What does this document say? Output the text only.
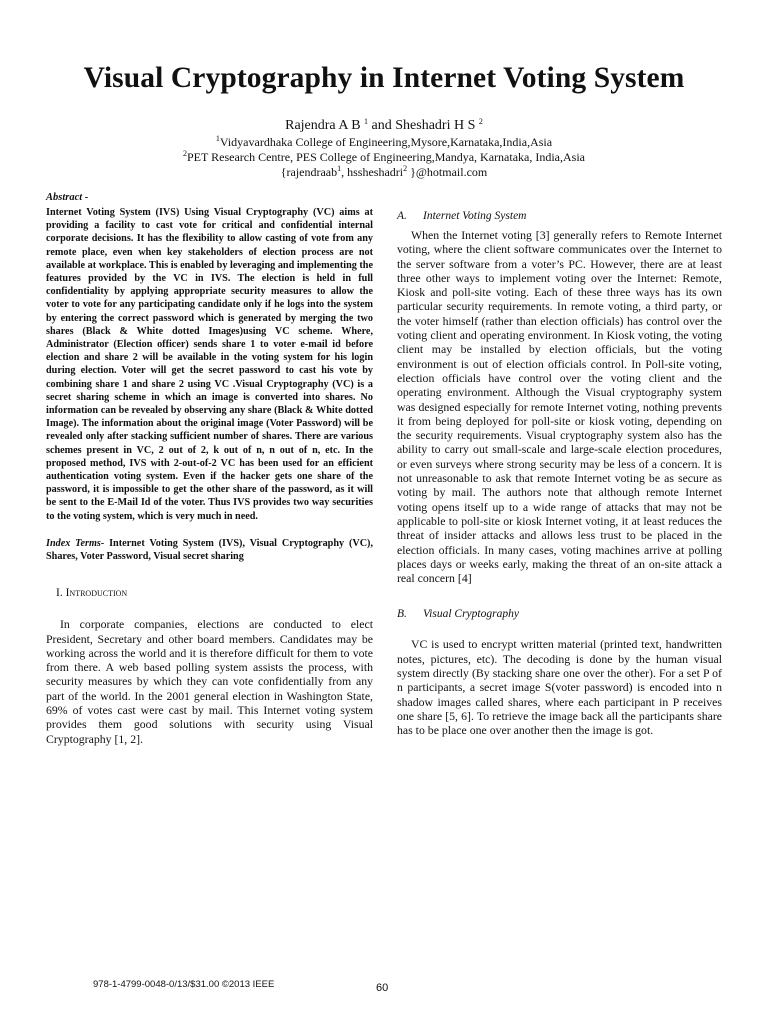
Visual Cryptography in Internet Voting System
Rajendra A B $^1$ and Sheshadri H S $^2$
$^1$Vidyavardhaka College of Engineering,Mysore,Karnataka,India,Asia
$^2$PET Research Centre, PES College of Engineering,Mandya, Karnataka, India,Asia
{rajendraab$^1$, hssheshadri$^2$ }@hotmail.com
Abstract -

Internet Voting System (IVS) Using Visual Cryptography (VC) aims at providing a facility to cast vote for critical and confidential internal corporate decisions. It has the flexibility to allow casting of vote from any remote place, even when key stakeholders of election process are not available at workplace. This is enabled by leveraging and implementing the features provided by the VC in IVS. The election is held in full confidentiality by applying appropriate security measures to allow the voter to vote for any participating candidate only if he logs into the system by entering the correct password which is generated by merging the two shares (Black & White dotted Images)using VC scheme. Where, Administrator (Election officer) sends share 1 to voter e-mail id before election and share 2 will be available in the voting system for his login during election. Voter will get the secret password to cast his vote by combining share 1 and share 2 using VC .Visual Cryptography (VC) is a secret sharing scheme in which an image is converted into shares. No information can be revealed by observing any share (Black & White dotted Image). The information about the original image (Voter Password) will be revealed only after stacking sufficient number of shares. There are various schemes present in VC, 2 out of 2, k out of n, n out of n, etc. In the proposed method, IVS with 2-out-of-2 VC has been used for an efficient authentication voting system. Even if the hacker gets one share of the password, it is impossible to get the other share of the password, as it will be sent to the E-Mail Id of the voter. Thus IVS provides two way securities to the voting system, which is very much in need.

Index Terms- Internet Voting System (IVS), Visual Cryptography (VC), Shares, Voter Password, Visual secret sharing

I. Introduction

In corporate companies, elections are conducted to elect President, Secretary and other board members. Candidates may be working across the world and it is therefore difficult for them to vote from there. A web based polling system assists the process, with security measures by which they can vote confidentially from any part of the world. In the 2001 general election in Washington State, 69% of votes cast were cast by mail. This Internet voting system provides them good solutions with security using Visual Cryptography [1, 2].

A. Internet Voting System

When the Internet voting [3] generally refers to Remote Internet voting, where the client software communicates over the Internet to the server software from a voter’s PC. However, there are at least three other ways to implement voting over the Internet: Remote, Kiosk and poll-site voting. Each of these three ways has its own particular security requirements. In remote voting, a third party, or the voter himself (rather than election officials) has control over the voting client and operating environment. In Kiosk voting, the voting client may be installed by election officials, but the voting environment is out of election officials control. In Poll-site voting, election officials have control over the voting client and the operating environment. Although the Visual cryptography system was designed especially for remote Internet voting, nothing prevents it from being deployed for poll-site or kiosk voting, depending on the security requirements. Visual cryptography system also has the ability to carry out small-scale and large-scale election procedures, or even surveys where strong security may be less of a concern. It is not unreasonable to ask that remote Internet voting be as secure as voting by mail. The authors note that although remote Internet voting opens itself up to a wide range of attacks that may not be applicable to poll-site or kiosk Internet voting, it at least reduces the threat of insider attacks and allows less trust to be placed in the election officials. In many cases, voting machines arrive at polling places days or weeks early, making the threat of an on-site attack a real concern [4]

B. Visual Cryptography

VC is used to encrypt written material (printed text, handwritten notes, pictures, etc). The decoding is done by the human visual system directly (By stacking share one over the other). For a set P of n participants, a secret image S(voter password) is encoded into n shadow images called shares, where each participant in P receives one share [5, 6]. To retrieve the image back all the participants share has to be place one over another then the image is got.

978-1-4799-0048-0/13/$31.00 ©2013 IEEE	60
